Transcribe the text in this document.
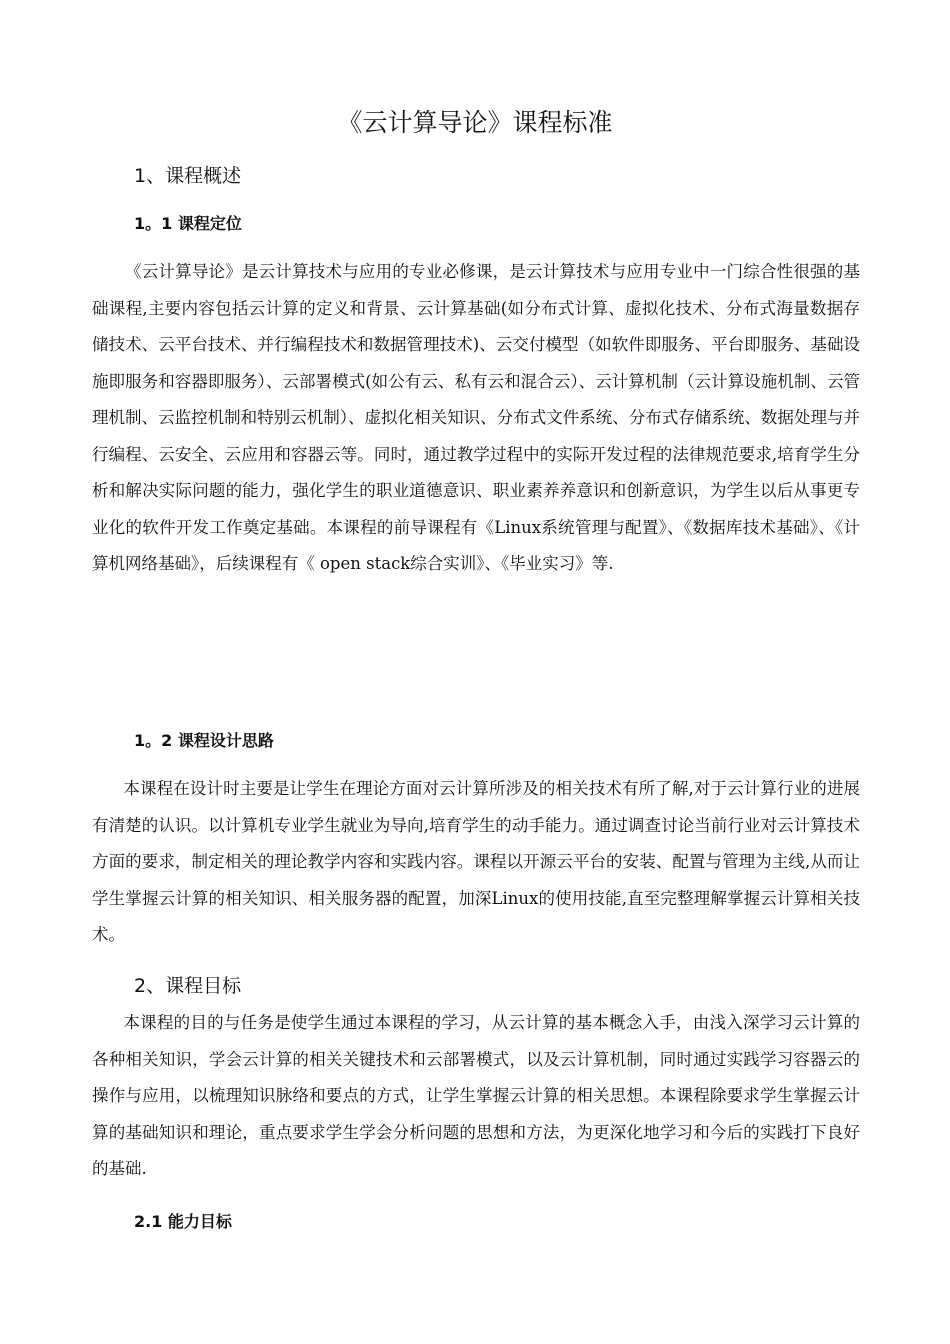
《云计算导论》课程标准
1、课程概述
1。1 课程定位

《云计算导论》是云计算技术与应用的专业必修课，是云计算技术与应用专业中一门综合性很强的基础课程,主要内容包括云计算的定义和背景、云计算基础(如分布式计算、虚拟化技术、分布式海量数据存储技术、云平台技术、并行编程技术和数据管理技术)、云交付模型（如软件即服务、平台即服务、基础设施即服务和容器即服务）、云部署模式(如公有云、私有云和混合云）、云计算机制（云计算设施机制、云管理机制、云监控机制和特别云机制）、虚拟化相关知识、分布式文件系统、分布式存储系统、数据处理与并行编程、云安全、云应用和容器云等。同时，通过教学过程中的实际开发过程的法律规范要求,培育学生分析和解决实际问题的能力，强化学生的职业道德意识、职业素养养意识和创新意识，为学生以后从事更专业化的软件开发工作奠定基础。本课程的前导课程有《Linux系统管理与配置》、《数据库技术基础》、《计算机网络基础》，后续课程有《 open stack综合实训》、《毕业实习》等.

1。2 课程设计思路

本课程在设计时主要是让学生在理论方面对云计算所涉及的相关技术有所了解,对于云计算行业的进展有清楚的认识。以计算机专业学生就业为导向,培育学生的动手能力。通过调查讨论当前行业对云计算技术方面的要求，制定相关的理论教学内容和实践内容。课程以开源云平台的安装、配置与管理为主线,从而让学生掌握云计算的相关知识、相关服务器的配置，加深Linux的使用技能,直至完整理解掌握云计算相关技术。

2、课程目标

本课程的目的与任务是使学生通过本课程的学习，从云计算的基本概念入手，由浅入深学习云计算的各种相关知识，学会云计算的相关关键技术和云部署模式，以及云计算机制，同时通过实践学习容器云的操作与应用，以梳理知识脉络和要点的方式，让学生掌握云计算的相关思想。本课程除要求学生掌握云计算的基础知识和理论，重点要求学生学会分析问题的思想和方法，为更深化地学习和今后的实践打下良好的基础.

2.1 能力目标
